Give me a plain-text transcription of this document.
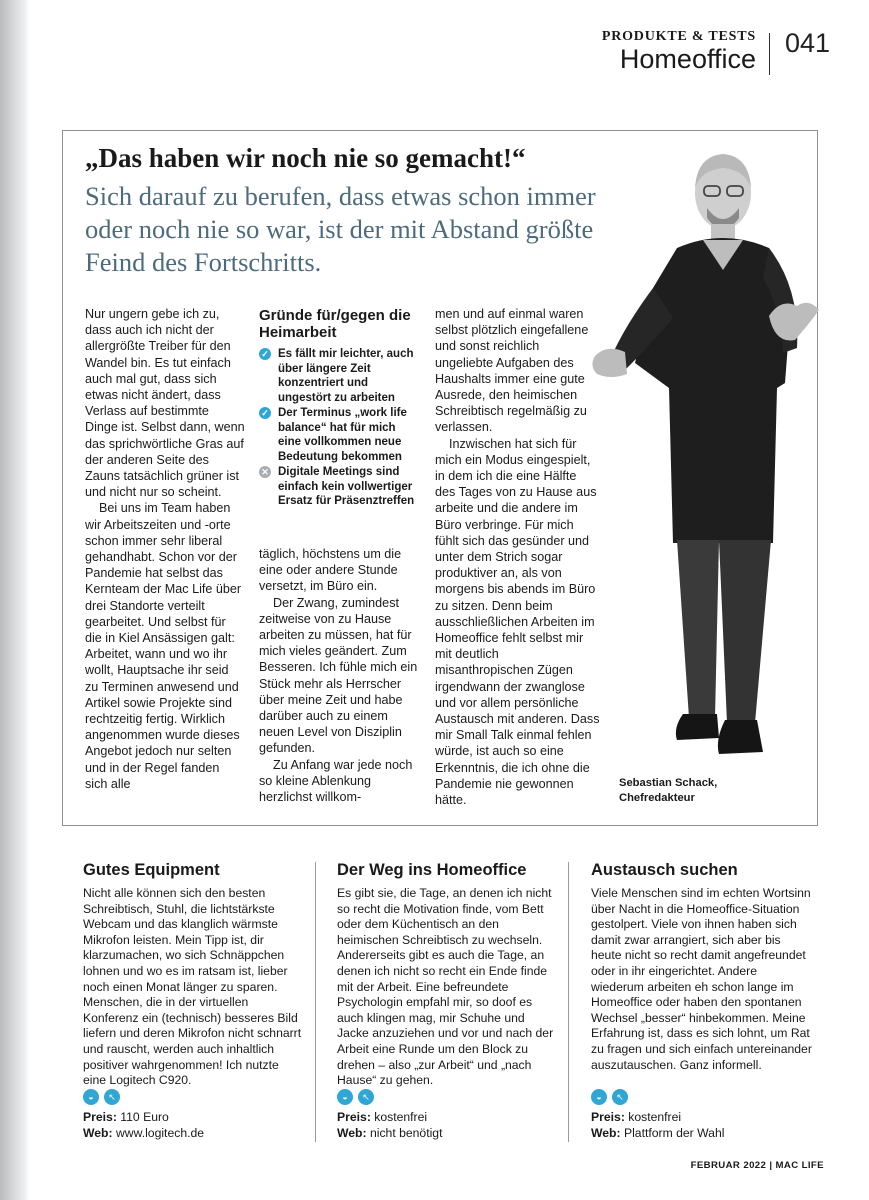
PRODUKTE & TESTS
Homeoffice
041
„Das haben wir noch nie so gemacht!“
Sich darauf zu berufen, dass etwas schon immer oder noch nie so war, ist der mit Abstand größte Feind des Fortschritts.

Nur ungern gebe ich zu, dass auch ich nicht der allergrößte Treiber für den Wandel bin. Es tut einfach auch mal gut, dass sich etwas nicht ändert, dass Verlass auf bestimmte Dinge ist. Selbst dann, wenn das sprichwörtliche Gras auf der anderen Seite des Zauns tatsächlich grüner ist und nicht nur so scheint.

Bei uns im Team haben wir Arbeitszeiten und -orte schon immer sehr liberal gehandhabt. Schon vor der Pandemie hat selbst das Kernteam der Mac Life über drei Standorte verteilt gearbeitet. Und selbst für die in Kiel Ansässigen galt: Arbeitet, wann und wo ihr wollt, Hauptsache ihr seid zu Terminen anwesend und Artikel sowie Projekte sind rechtzeitig fertig. Wirklich angenommen wurde dieses Angebot jedoch nur selten und in der Regel fanden sich alle

Gründe für/gegen die Heimarbeit
✓ Es fällt mir leichter, auch über längere Zeit konzentriert und ungestört zu arbeiten
✓ Der Terminus „work life balance“ hat für mich eine vollkommen neue Bedeutung bekommen
✕ Digitale Meetings sind einfach kein vollwertiger Ersatz für Präsenztreffen

täglich, höchstens um die eine oder andere Stunde versetzt, im Büro ein.

Der Zwang, zumindest zeitweise von zu Hause arbeiten zu müssen, hat für mich vieles geändert. Zum Besseren. Ich fühle mich ein Stück mehr als Herrscher über meine Zeit und habe darüber auch zu einem neuen Level von Disziplin gefunden.

Zu Anfang war jede noch so kleine Ablenkung herzlichst willkom-

men und auf einmal waren selbst plötzlich eingefallene und sonst reichlich ungeliebte Aufgaben des Haushalts immer eine gute Ausrede, den heimischen Schreibtisch regelmäßig zu verlassen.

Inzwischen hat sich für mich ein Modus eingespielt, in dem ich die eine Hälfte des Tages von zu Hause aus arbeite und die andere im Büro verbringe. Für mich fühlt sich das gesünder und unter dem Strich sogar produktiver an, als von morgens bis abends im Büro zu sitzen. Denn beim ausschließlichen Arbeiten im Homeoffice fehlt selbst mir mit deutlich misanthropischen Zügen irgendwann der zwanglose und vor allem persönliche Austausch mit anderen. Dass mir Small Talk einmal fehlen würde, ist auch so eine Erkenntnis, die ich ohne die Pandemie nie gewonnen hätte.

Sebastian Schack,
Chefredakteur
Gutes Equipment
Nicht alle können sich den besten Schreibtisch, Stuhl, die lichtstärkste Webcam und das klanglich wärmste Mikrofon leisten. Mein Tipp ist, dir klarzumachen, wo sich Schnäppchen lohnen und wo es im ratsam ist, lieber noch einen Monat länger zu sparen. Menschen, die in der virtuellen Konferenz ein (technisch) besseres Bild liefern und deren Mikrofon nicht schnarrt und rauscht, werden auch inhaltlich positiver wahrgenommen! Ich nutzte eine Logitech C920.
◒	↖
Preis: 110 Euro
Web: www.logitech.de
Der Weg ins Homeoffice
Es gibt sie, die Tage, an denen ich nicht so recht die Motivation finde, vom Bett oder dem Küchentisch an den heimischen Schreibtisch zu wechseln. Andererseits gibt es auch die Tage, an denen ich nicht so recht ein Ende finde mit der Arbeit. Eine befreundete Psychologin empfahl mir, so doof es auch klingen mag, mir Schuhe und Jacke anzuziehen und vor und nach der Arbeit eine Runde um den Block zu drehen – also „zur Arbeit“ und „nach Hause“ zu gehen.
◒	↖
Preis: kostenfrei
Web: nicht benötigt
Austausch suchen
Viele Menschen sind im echten Wortsinn über Nacht in die Homeoffice-Situation gestolpert. Viele von ihnen haben sich damit zwar arrangiert, sich aber bis heute nicht so recht damit angefreundet oder in ihr eingerichtet. Andere wiederum arbeiten eh schon lange im Homeoffice oder haben den spontanen Wechsel „besser“ hinbekommen. Meine Erfahrung ist, dass es sich lohnt, um Rat zu fragen und sich einfach untereinander auszutauschen. Ganz informell.
◒	↖
Preis: kostenfrei
Web: Plattform der Wahl
FEBRUAR 2022 | MAC LIFE
